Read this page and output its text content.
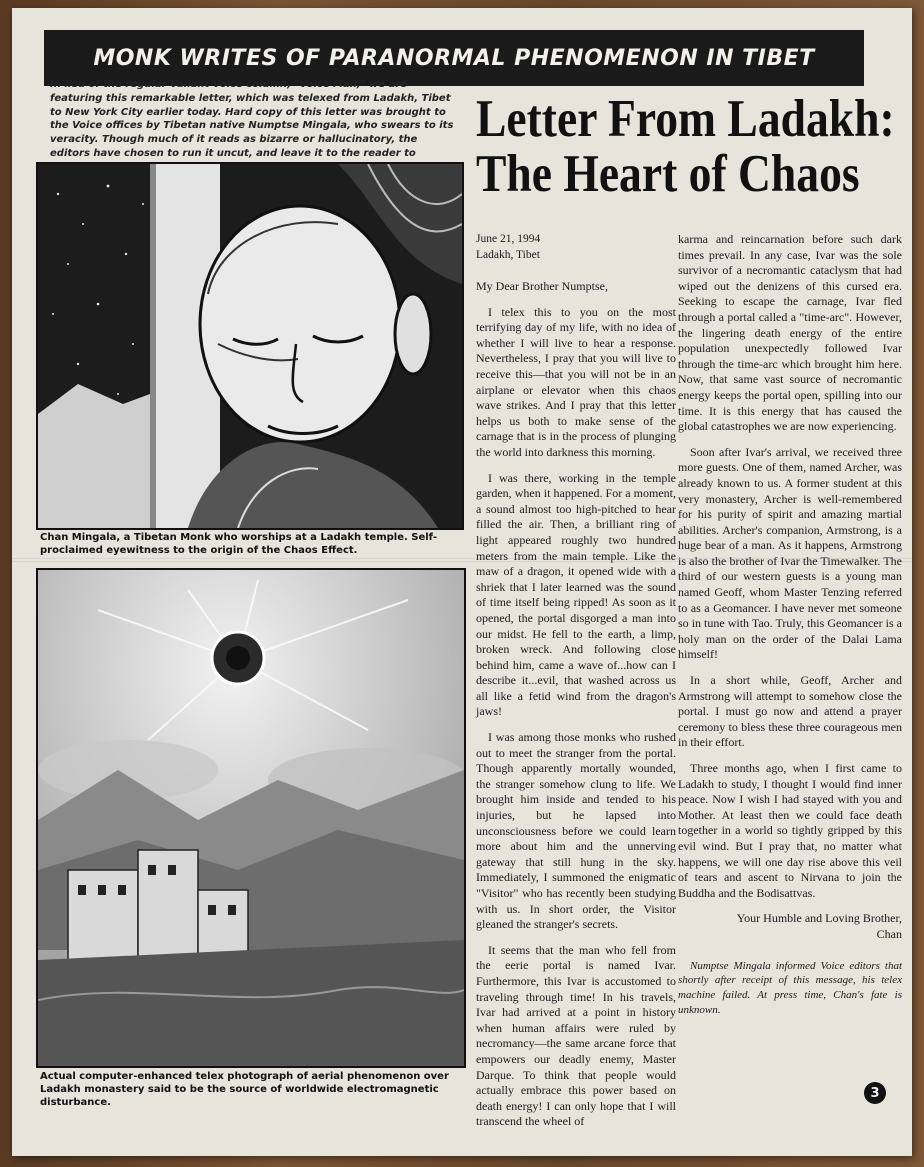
MONK WRITES OF PARANORMAL PHENOMENON IN TIBET
In lieu of the regular Valiant Voice column, "Voice Mail," we are featuring this remarkable letter, which was telexed from Ladakh, Tibet to New York City earlier today. Hard copy of this letter was brought to the Voice offices by Tibetan native Numptse Mingala, who swears to its veracity. Though much of it reads as bizarre or hallucinatory, the editors have chosen to run it uncut, and leave it to the reader to
Letter From Ladakh:
The Heart of Chaos
Chan Mingala, a Tibetan Monk who worships at a Ladakh temple. Self-proclaimed eyewitness to the origin of the Chaos Effect.
Actual computer-enhanced telex photograph of aerial phenomenon over Ladakh monastery said to be the source of worldwide electromagnetic disturbance.
June 21, 1994
Ladakh, Tibet

My Dear Brother Numptse,

I telex this to you on the most terrifying day of my life, with no idea of whether I will live to hear a response. Nevertheless, I pray that you will live to receive this—that you will not be in an airplane or elevator when this chaos wave strikes. And I pray that this letter helps us both to make sense of the carnage that is in the process of plunging the world into darkness this morning.

I was there, working in the temple garden, when it happened. For a moment, a sound almost too high-pitched to hear filled the air. Then, a brilliant ring of light appeared roughly two hundred meters from the main temple. Like the maw of a dragon, it opened wide with a shriek that I later learned was the sound of time itself being ripped! As soon as it opened, the portal disgorged a man into our midst. He fell to the earth, a limp, broken wreck. And following close behind him, came a wave of...how can I describe it...evil, that washed across us all like a fetid wind from the dragon's jaws!

I was among those monks who rushed out to meet the stranger from the portal. Though apparently mortally wounded, the stranger somehow clung to life. We brought him inside and tended to his injuries, but he lapsed into unconsciousness before we could learn more about him and the unnerving gateway that still hung in the sky. Immediately, I summoned the enigmatic "Visitor" who has recently been studying with us. In short order, the Visitor gleaned the stranger's secrets.

It seems that the man who fell from the eerie portal is named Ivar. Furthermore, this Ivar is accustomed to traveling through time! In his travels, Ivar had arrived at a point in history when human affairs were ruled by necromancy—the same arcane force that empowers our deadly enemy, Master Darque. To think that people would actually embrace this power based on death energy! I can only hope that I will transcend the wheel of

karma and reincarnation before such dark times prevail. In any case, Ivar was the sole survivor of a necromantic cataclysm that had wiped out the denizens of this cursed era. Seeking to escape the carnage, Ivar fled through a portal called a "time-arc". However, the lingering death energy of the entire population unexpectedly followed Ivar through the time-arc which brought him here. Now, that same vast source of necromantic energy keeps the portal open, spilling into our time. It is this energy that has caused the global catastrophes we are now experiencing.

Soon after Ivar's arrival, we received three more guests. One of them, named Archer, was already known to us. A former student at this very monastery, Archer is well-remembered for his purity of spirit and amazing martial abilities. Archer's companion, Armstrong, is a huge bear of a man. As it happens, Armstrong is also the brother of Ivar the Timewalker. The third of our western guests is a young man named Geoff, whom Master Tenzing referred to as a Geomancer. I have never met someone so in tune with Tao. Truly, this Geomancer is a holy man on the order of the Dalai Lama himself!

In a short while, Geoff, Archer and Armstrong will attempt to somehow close the portal. I must go now and attend a prayer ceremony to bless these three courageous men in their effort.

Three months ago, when I first came to Ladakh to study, I thought I would find inner peace. Now I wish I had stayed with you and Mother. At least then we could face death together in a world so tightly gripped by this evil wind. But I pray that, no matter what happens, we will one day rise above this veil of tears and ascent to Nirvana to join the Buddha and the Bodisattvas.

Your Humble and Loving Brother,
Chan

Numptse Mingala informed Voice editors that shortly after receipt of this message, his telex machine failed. At press time, Chan's fate is unknown.

3
